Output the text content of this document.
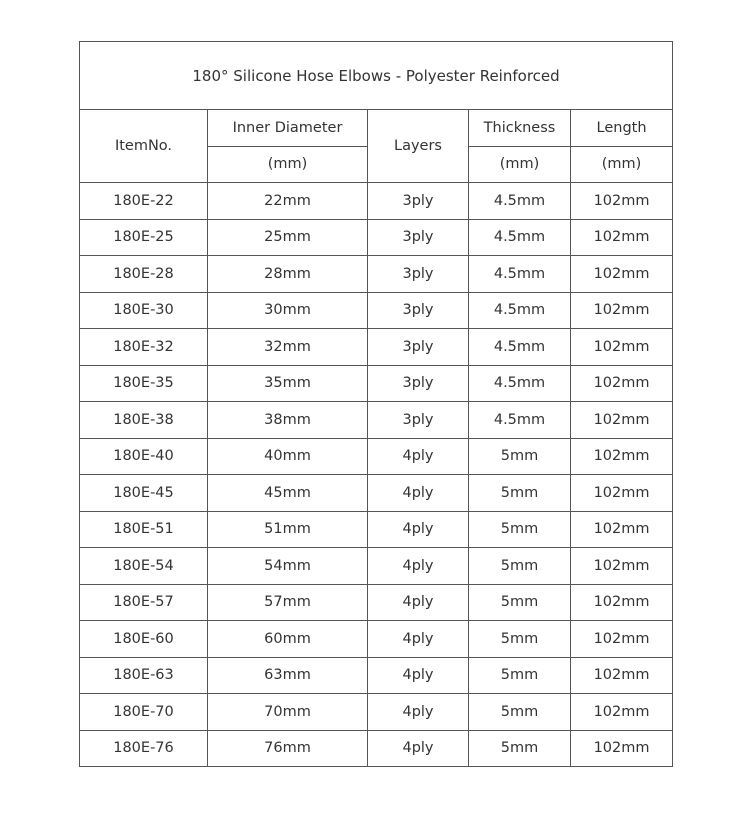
180° Silicone Hose Elbows - Polyester Reinforced				
ItemNo.	Inner Diameter	Layers	Thickness	Length
	(mm)		(mm)	(mm)
180E-22	22mm	3ply	4.5mm	102mm
180E-25	25mm	3ply	4.5mm	102mm
180E-28	28mm	3ply	4.5mm	102mm
180E-30	30mm	3ply	4.5mm	102mm
180E-32	32mm	3ply	4.5mm	102mm
180E-35	35mm	3ply	4.5mm	102mm
180E-38	38mm	3ply	4.5mm	102mm
180E-40	40mm	4ply	5mm	102mm
180E-45	45mm	4ply	5mm	102mm
180E-51	51mm	4ply	5mm	102mm
180E-54	54mm	4ply	5mm	102mm
180E-57	57mm	4ply	5mm	102mm
180E-60	60mm	4ply	5mm	102mm
180E-63	63mm	4ply	5mm	102mm
180E-70	70mm	4ply	5mm	102mm
180E-76	76mm	4ply	5mm	102mm
